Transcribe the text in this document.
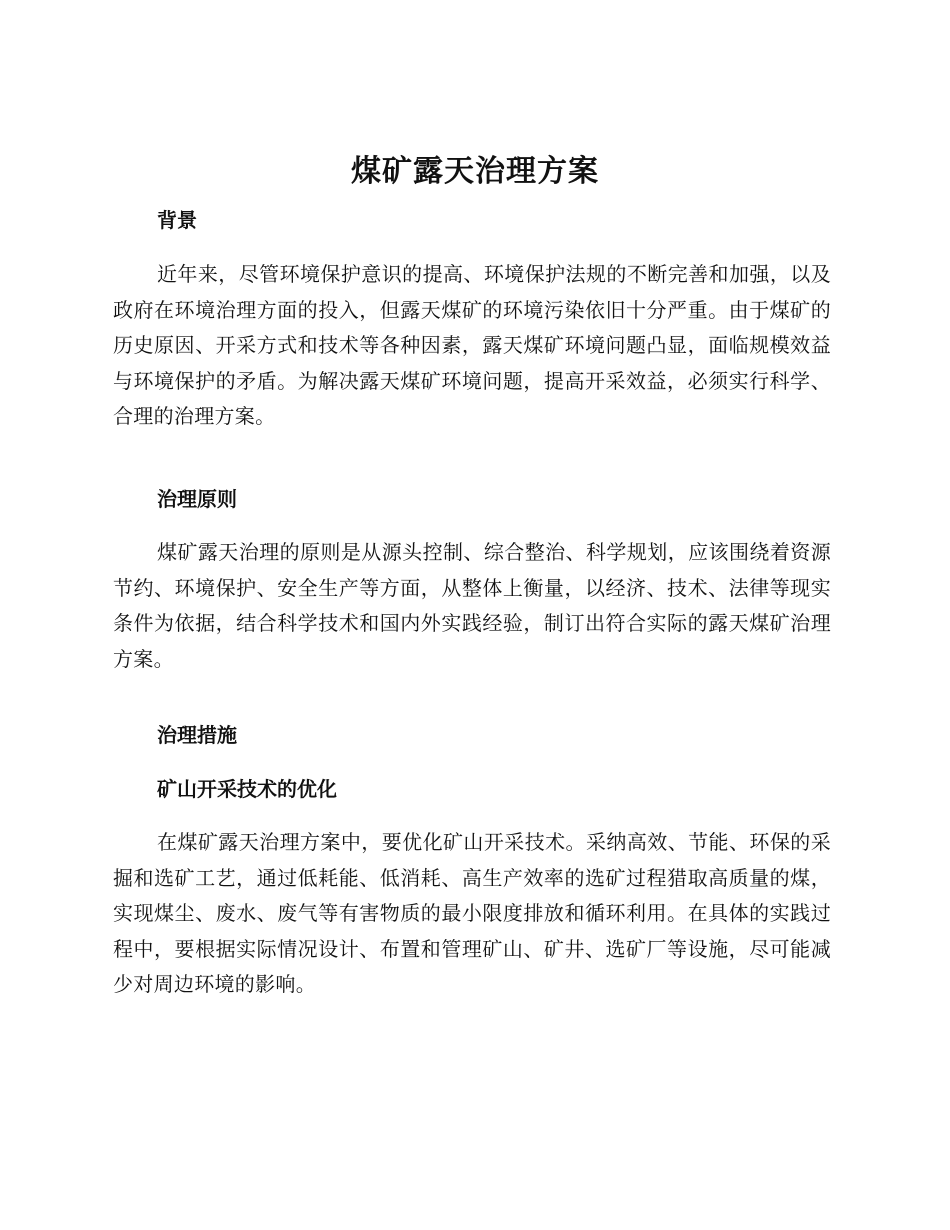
煤矿露天治理方案
背景

近年来，尽管环境保护意识的提高、环境保护法规的不断完善和加强，以及政府在环境治理方面的投入，但露天煤矿的环境污染依旧十分严重。由于煤矿的历史原因、开采方式和技术等各种因素，露天煤矿环境问题凸显，面临规模效益与环境保护的矛盾。为解决露天煤矿环境问题，提高开采效益，必须实行科学、合理的治理方案。

治理原则

煤矿露天治理的原则是从源头控制、综合整治、科学规划，应该围绕着资源节约、环境保护、安全生产等方面，从整体上衡量，以经济、技术、法律等现实条件为依据，结合科学技术和国内外实践经验，制订出符合实际的露天煤矿治理方案。

治理措施
矿山开采技术的优化

在煤矿露天治理方案中，要优化矿山开采技术。采纳高效、节能、环保的采掘和选矿工艺，通过低耗能、低消耗、高生产效率的选矿过程猎取高质量的煤，实现煤尘、废水、废气等有害物质的最小限度排放和循环利用。在具体的实践过程中，要根据实际情况设计、布置和管理矿山、矿井、选矿厂等设施，尽可能减少对周边环境的影响。
